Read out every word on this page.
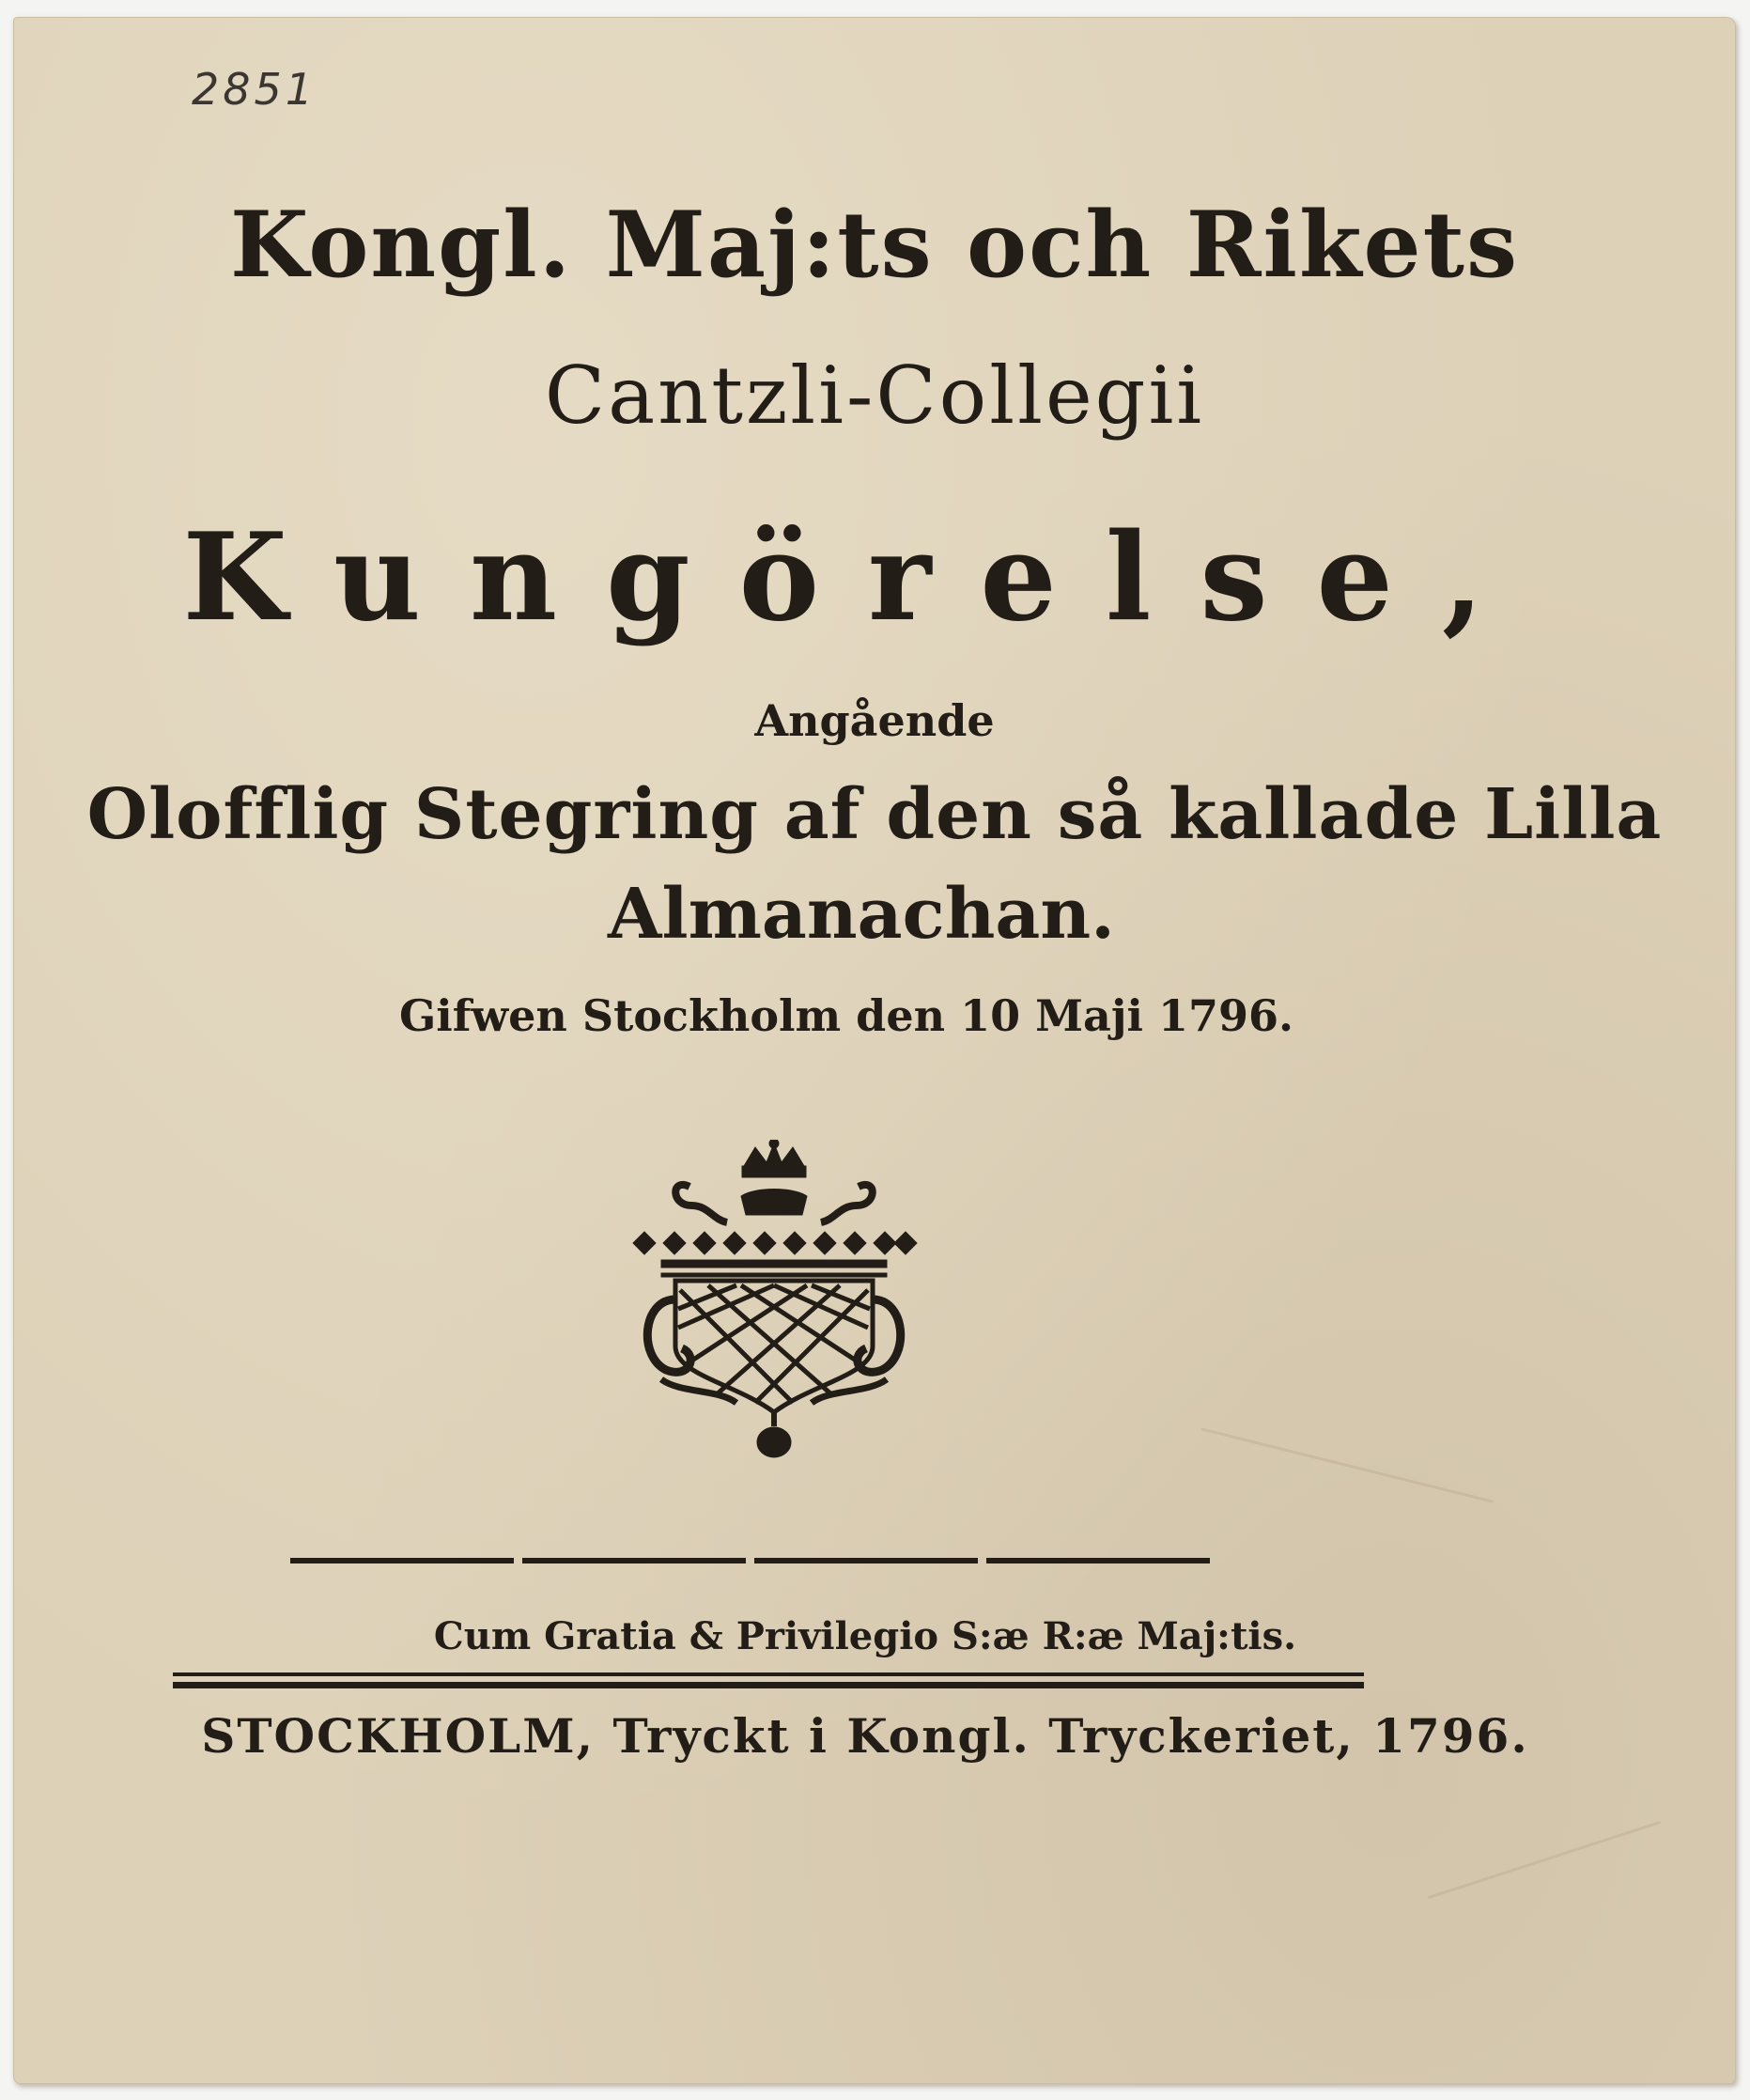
2851
Kongl. Maj:ts och Rikets
Cantzli-Collegii
Kungörelse,
Angående
Olofflig Stegring af den så kallade Lilla
Almanachan.
Gifwen Stockholm den 10 Maji 1796.
Cum Gratia & Privilegio S:æ R:æ Maj:tis.
STOCKHOLM, Tryckt i Kongl. Tryckeriet, 1796.
